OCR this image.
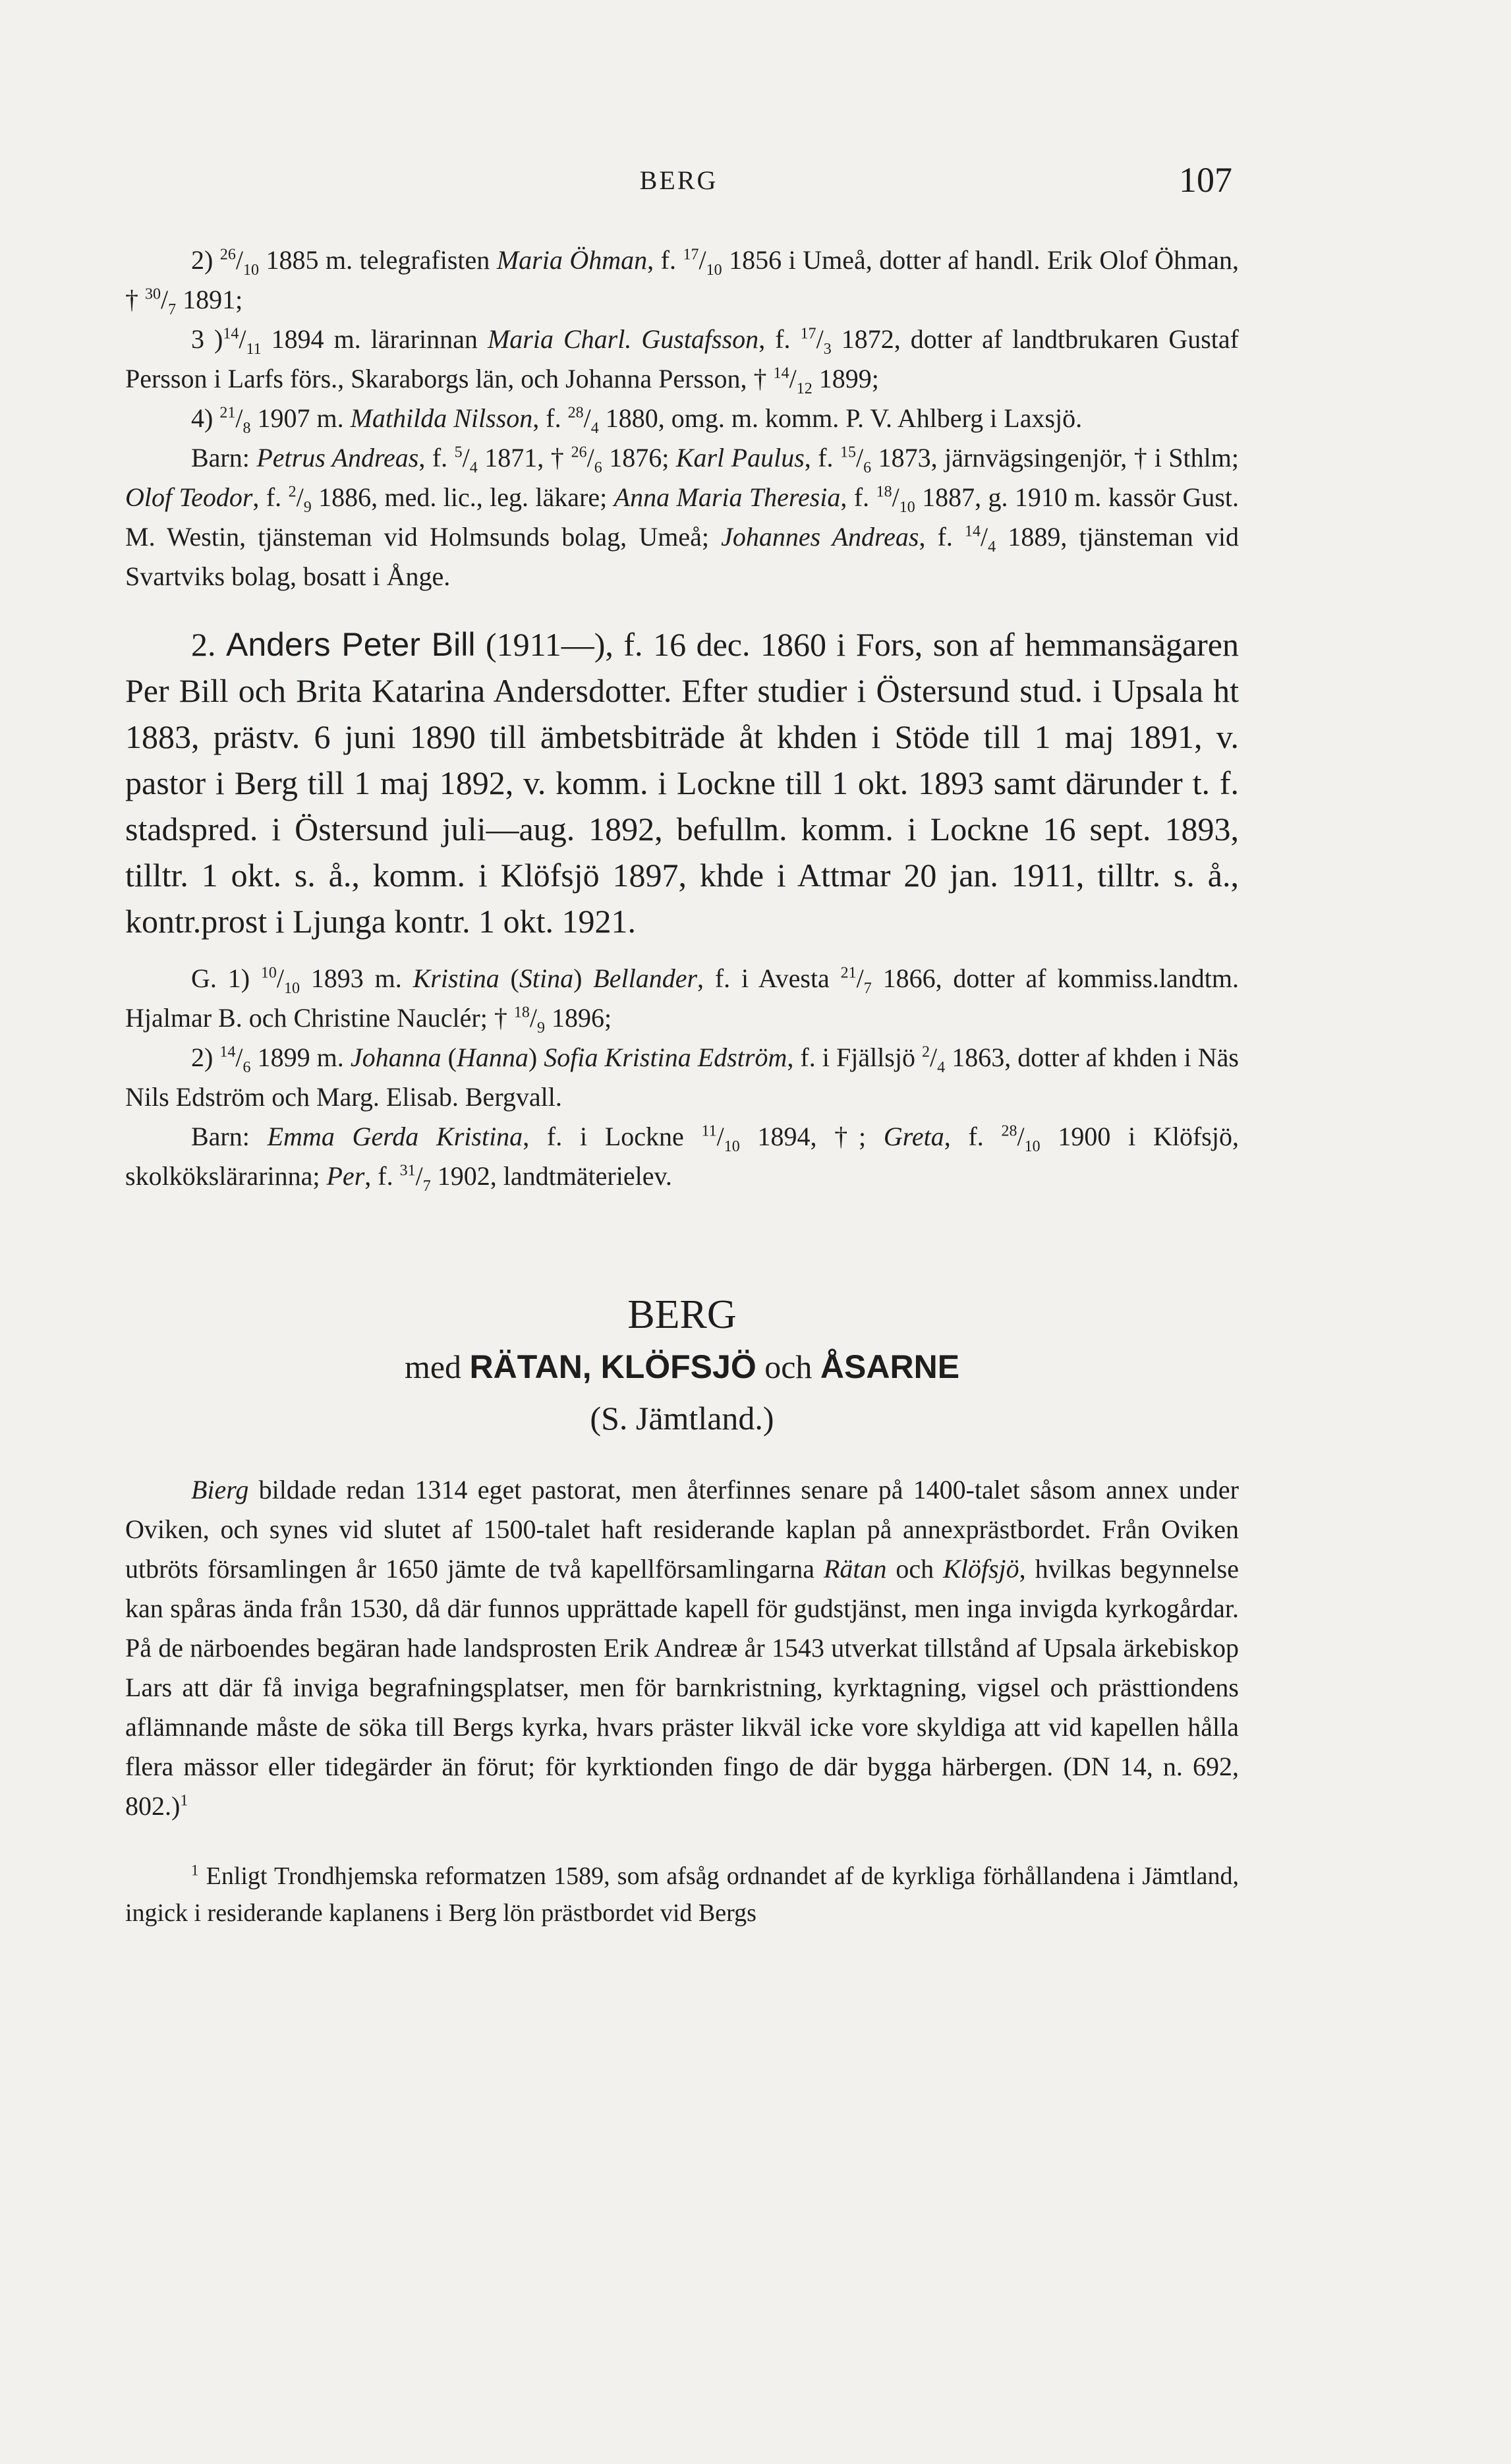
BERG	107

2) $^{26}/_{10}$ 1885 m. telegrafisten Maria Öhman, f. $^{17}/_{10}$ 1856 i Umeå, dotter af handl. Erik Olof Öhman, † $^{30}/_7$ 1891;

3 )$^{14}/_{11}$ 1894 m. lärarinnan Maria Charl. Gustafsson, f. $^{17}/_3$ 1872, dotter af landtbrukaren Gustaf Persson i Larfs förs., Skaraborgs län, och Johanna Persson, † $^{14}/_{12}$ 1899;

4) $^{21}/_8$ 1907 m. Mathilda Nilsson, f. $^{28}/_4$ 1880, omg. m. komm. P. V. Ahlberg i Laxsjö.

Barn: Petrus Andreas, f. $^5/_4$ 1871, † $^{26}/_6$ 1876; Karl Paulus, f. $^{15}/_6$ 1873, järnvägsingenjör, † i Sthlm; Olof Teodor, f. $^2/_9$ 1886, med. lic., leg. läkare; Anna Maria Theresia, f. $^{18}/_{10}$ 1887, g. 1910 m. kassör Gust. M. Westin, tjänsteman vid Holmsunds bolag, Umeå; Johannes Andreas, f. $^{14}/_4$ 1889, tjänsteman vid Svartviks bolag, bosatt i Ånge.

2. Anders Peter Bill (1911—), f. 16 dec. 1860 i Fors, son af hemmansägaren Per Bill och Brita Katarina Andersdotter. Efter studier i Östersund stud. i Upsala ht 1883, prästv. 6 juni 1890 till ämbetsbiträde åt khden i Stöde till 1 maj 1891, v. pastor i Berg till 1 maj 1892, v. komm. i Lockne till 1 okt. 1893 samt därunder t. f. stadspred. i Östersund juli—aug. 1892, befullm. komm. i Lockne 16 sept. 1893, tilltr. 1 okt. s. å., komm. i Klöfsjö 1897, khde i Attmar 20 jan. 1911, tilltr. s. å., kontr.prost i Ljunga kontr. 1 okt. 1921.

G. 1) $^{10}/_{10}$ 1893 m. Kristina (Stina) Bellander, f. i Avesta $^{21}/_7$ 1866, dotter af kommiss.landtm. Hjalmar B. och Christine Nauclér; † $^{18}/_9$ 1896;

2) $^{14}/_6$ 1899 m. Johanna (Hanna) Sofia Kristina Edström, f. i Fjällsjö $^2/_4$ 1863, dotter af khden i Näs Nils Edström och Marg. Elisab. Bergvall.

Barn: Emma Gerda Kristina, f. i Lockne $^{11}/_{10}$ 1894, †; Greta, f. $^{28}/_{10}$ 1900 i Klöfsjö, skolkökslärarinna; Per, f. $^{31}/_7$ 1902, landtmäterielev.

BERG
med RÄTAN, KLÖFSJÖ och ÅSARNE
(S. Jämtland.)

Bierg bildade redan 1314 eget pastorat, men återfinnes senare på 1400-talet såsom annex under Oviken, och synes vid slutet af 1500-talet haft residerande kaplan på annexprästbordet. Från Oviken utbröts församlingen år 1650 jämte de två kapellförsamlingarna Rätan och Klöfsjö, hvilkas begynnelse kan spåras ända från 1530, då där funnos upprättade kapell för gudstjänst, men inga invigda kyrkogårdar. På de närboendes begäran hade landsprosten Erik Andreæ år 1543 utverkat tillstånd af Upsala ärkebiskop Lars att där få inviga begrafningsplatser, men för barnkristning, kyrktagning, vigsel och prästtiondens aflämnande måste de söka till Bergs kyrka, hvars präster likväl icke vore skyldiga att vid kapellen hålla flera mässor eller tidegärder än förut; för kyrktionden fingo de där bygga härbergen. (DN 14, n. 692, 802.)$^1$

$^1$ Enligt Trondhjemska reformatzen 1589, som afsåg ordnandet af de kyrkliga förhållandena i Jämtland, ingick i residerande kaplanens i Berg lön prästbordet vid Bergs
